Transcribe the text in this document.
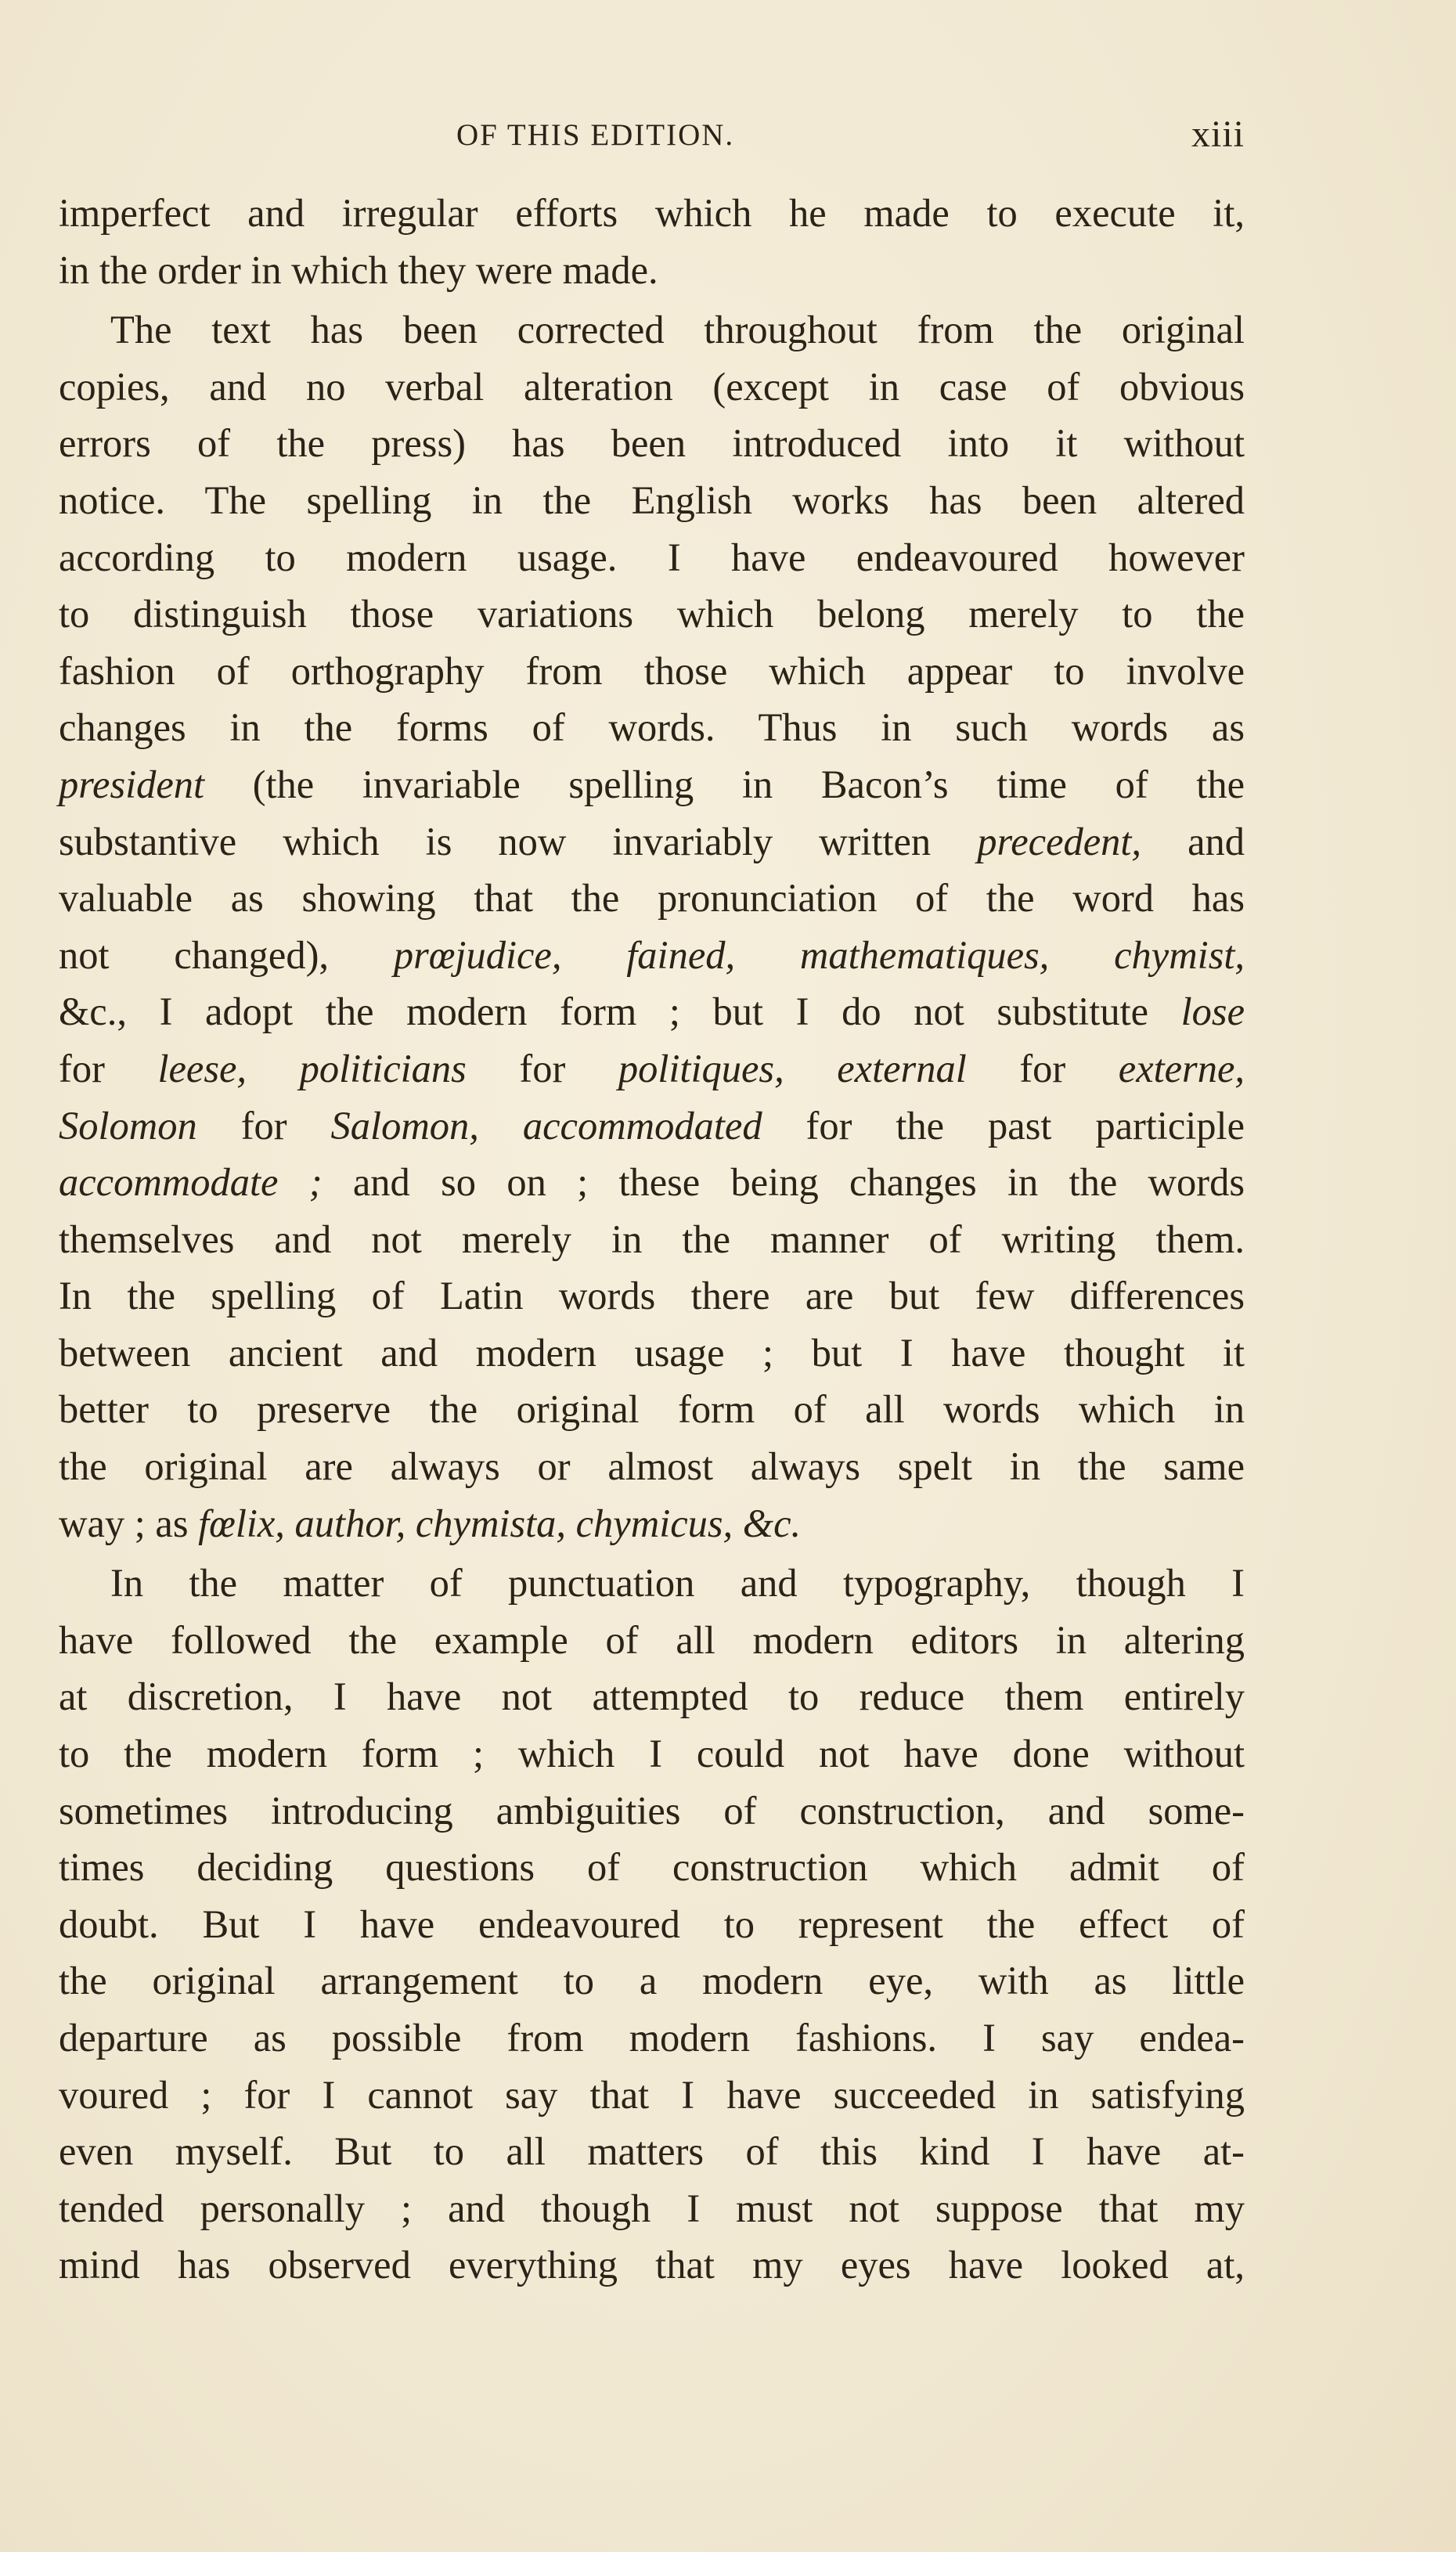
OF THIS EDITION.	xiii
imperfect and irregular efforts which he made to execute it,
in the order in which they were made.
The text has been corrected throughout from the original
copies, and no verbal alteration (except in case of obvious
errors of the press) has been introduced into it without
notice. The spelling in the English works has been altered
according to modern usage. I have endeavoured however
to distinguish those variations which belong merely to the
fashion of orthography from those which appear to involve
changes in the forms of words. Thus in such words as
president (the invariable spelling in Bacon’s time of the
substantive which is now invariably written precedent, and
valuable as showing that the pronunciation of the word has
not changed), prœjudice, fained, mathematiques, chymist,
&c., I adopt the modern form ; but I do not substitute lose
for leese, politicians for politiques, external for externe,
Solomon for Salomon, accommodated for the past participle
accommodate ; and so on ; these being changes in the words
themselves and not merely in the manner of writing them.
In the spelling of Latin words there are but few differences
between ancient and modern usage ; but I have thought it
better to preserve the original form of all words which in
the original are always or almost always spelt in the same
way ; as fœlix, author, chymista, chymicus, &c.
In the matter of punctuation and typography, though I
have followed the example of all modern editors in altering
at discretion, I have not attempted to reduce them entirely
to the modern form ; which I could not have done without
sometimes introducing ambiguities of construction, and some-
times deciding questions of construction which admit of
doubt. But I have endeavoured to represent the effect of
the original arrangement to a modern eye, with as little
departure as possible from modern fashions. I say endea-
voured ; for I cannot say that I have succeeded in satisfying
even myself. But to all matters of this kind I have at-
tended personally ; and though I must not suppose that my
mind has observed everything that my eyes have looked at,
